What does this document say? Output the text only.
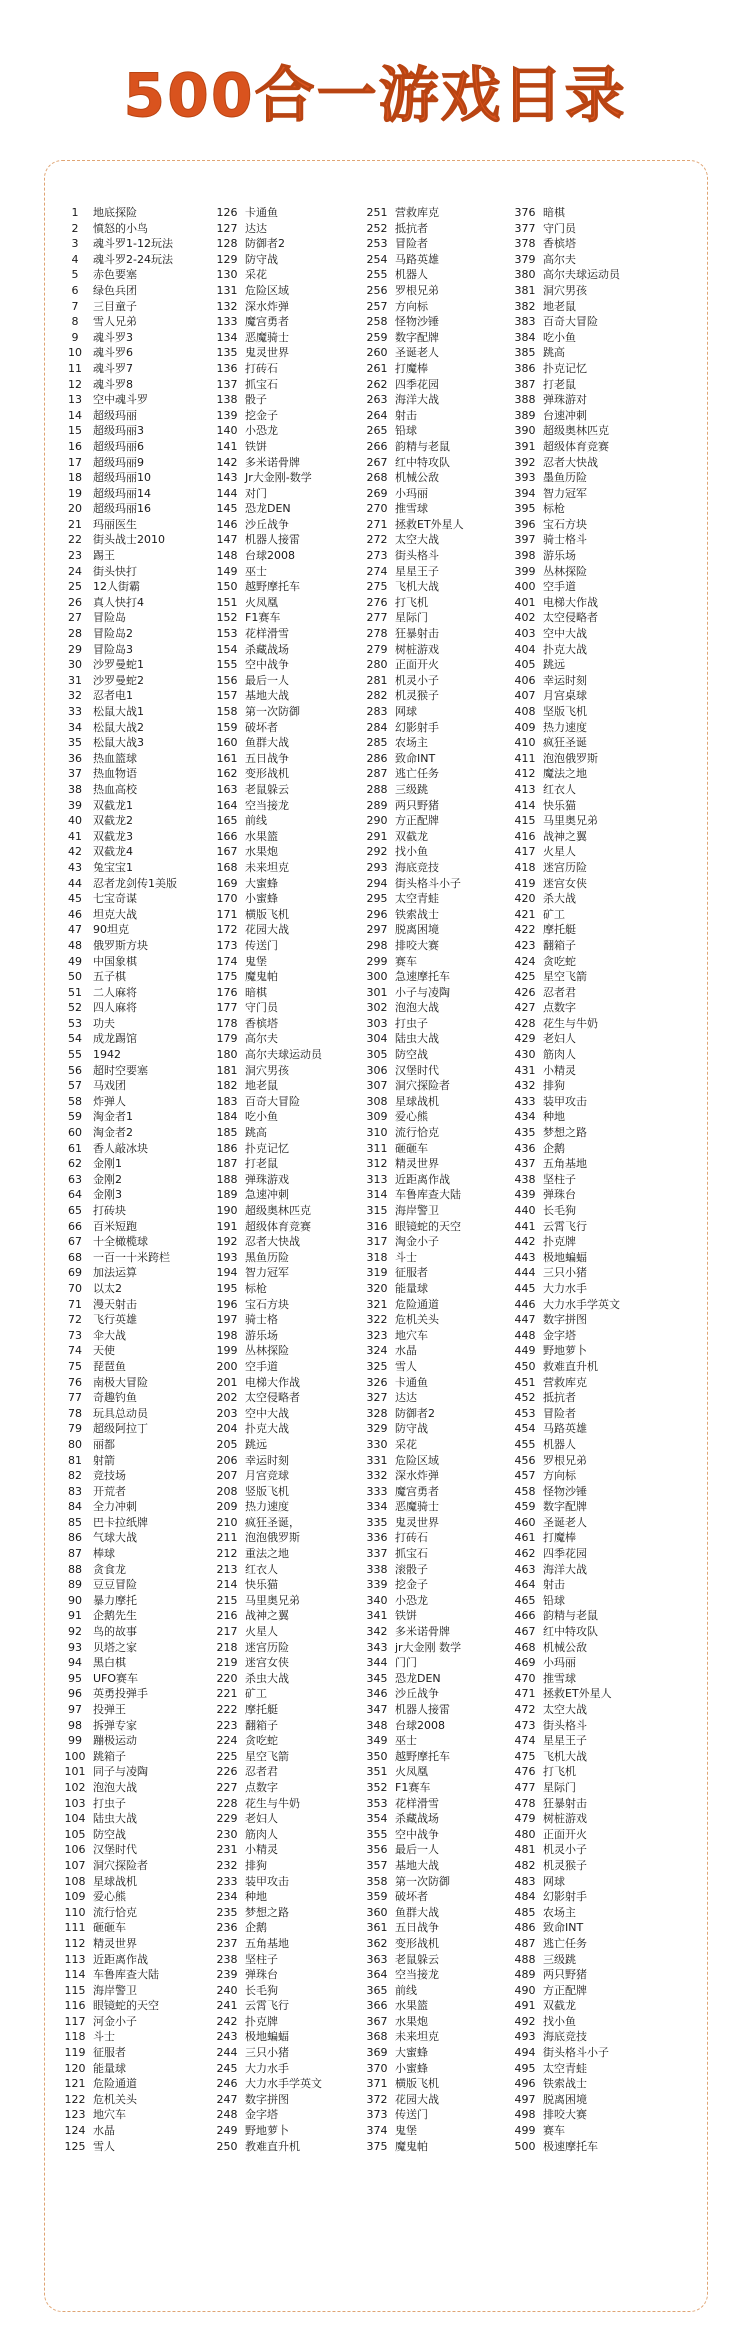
500合一游戏目录
1	地底探险
2	憤怒的小鸟
3	魂斗罗1-12玩法
4	魂斗罗2-24玩法
5	赤色要塞
6	绿色兵团
7	三目童子
8	雪人兄弟
9	魂斗罗3
10	魂斗罗6
11	魂斗罗7
12	魂斗罗8
13	空中魂斗罗
14	超级玛丽
15	超级玛丽3
16	超级玛丽6
17	超级玛丽9
18	超级玛丽10
19	超级玛丽14
20	超级玛丽16
21	玛丽医生
22	街头战士2010
23	踢王
24	街头快打
25	12人街霸
26	真人快打4
27	冒险岛
28	冒险岛2
29	冒险岛3
30	沙罗曼蛇1
31	沙罗曼蛇2
32	忍者电1
33	松鼠大战1
34	松鼠大战2
35	松鼠大战3
36	热血篮球
37	热血物语
38	热血高校
39	双截龙1
40	双截龙2
41	双截龙3
42	双截龙4
43	兔宝宝1
44	忍者龙剑传1美版
45	七宝奇谋
46	坦克大战
47	90坦克
48	俄罗斯方块
49	中国象棋
50	五子棋
51	二人麻将
52	四人麻将
53	功夫
54	成龙踢馆
55	1942
56	超时空要塞
57	马戏团
58	炸弹人
59	淘金者1
60	淘金者2
61	香人敲冰块
62	金刚1
63	金刚2
64	金刚3
65	打砖块
66	百米短跑
67	十全橄榄球
68	一百一十米跨栏
69	加法运算
70	以太2
71	漫天射击
72	飞行英雄
73	伞大战
74	天使
75	琵琶鱼
76	南极大冒险
77	奇趣钓鱼
78	玩具总动员
79	超级阿拉丁
80	丽都
81	射箭
82	竞技场
83	开荒者
84	全力冲刺
85	巴卡拉纸牌
86	气球大战
87	棒球
88	贪食龙
89	豆豆冒险
90	暴力摩托
91	企鹅先生
92	鸟的故事
93	贝塔之家
94	黑白棋
95	UFO赛车
96	英勇投弹手
97	投弹王
98	拆弹专家
99	蹦极运动
100 跳箱子
101 同子与凌陶
102 泡泡大战
103 打虫子
104 陆虫大战
105 防空战
106 汉堡时代
107 洞穴探险者
108 星球战机
109 爱心熊
110 流行恰克
111 砸砸车
112 精灵世界
113 近距离作战
114 车鲁库查大陆
115 海岸警卫
116 眼镜蛇的天空
117 河金小子
118 斗士
119 征服者
120 能量球
121 危险通道
122 危机关头
123 地穴车
124 水晶
125 雪人
126 卡通鱼
127 达达
128 防御者2
129 防守战
130 采花
131 危险区域
132 深水炸弹
133 魔宫勇者
134 恶魔骑士
135 鬼灵世界
136 打砖石
137 抓宝石
138 骰子
139 挖金子
140 小恐龙
141 铁饼
142 多米诺骨牌
143 Jr大金刚-数学
144 对门
145 恐龙DEN
146 沙丘战争
147 机器人接雷
148 台球2008
149 巫士
150 越野摩托车
151 火凤凰
152 F1赛车
153 花样滑雪
154 杀藏战场
155 空中战争
156 最后一人
157 基地大战
158 第一次防御
159 破坏者
160 鱼群大战
161 五日战争
162 变形战机
163 老鼠躲云
164 空当接龙
165 前线
166 水果篮
167 水果炮
168 未来坦克
169 大蜜蜂
170 小蜜蜂
171 横版飞机
172 花园大战
173 传送门
174 鬼堡
175 魔鬼帕
176 暗棋
177 守门员
178 香槟塔
179 高尔夫
180 高尔夫球运动员
181 洞穴男孩
182 地老鼠
183 百奇大冒险
184 吃小鱼
185 跳高
186 扑克记忆
187 打老鼠
188 弹珠游戏
189 急速冲刺
190 超级奥林匹克
191 超级体育竞赛
192 忍者大快战
193 黑鱼历险
194 智力冠军
195 标枪
196 宝石方块
197 骑士格
198 游乐场
199 丛林探险
200 空手道
201 电梯大作战
202 太空侵略者
203 空中大战
204 扑克大战
205 跳远
206 幸运时刻
207 月宫竞球
208 竖版飞机
209 热力速度
210 疯狂圣诞，
211 泡泡俄罗斯
212 重法之地
213 红衣人
214 快乐猫
215 马里奥兄弟
216 战神之翼
217 火星人
218 迷宫历险
219 迷宫女侠
220 杀虫大战
221 矿工
222 摩托艇
223 翻箱子
224 贪吃蛇
225 星空飞箭
226 忍者君
227 点数字
228 花生与牛奶
229 老妇人
230 筋肉人
231 小精灵
232 排狗
233 装甲攻击
234 种地
235 梦想之路
236 企鹅
237 五角基地
238 坚柱子
239 弹珠台
240 长毛狗
241 云霄飞行
242 扑克牌
243 极地蝙蝠
244 三只小猪
245 大力水手
246 大力水手学英文
247 数字拼图
248 金字塔
249 野地萝卜
250 教难直升机
251 营救库克
252 抵抗者
253 冒险者
254 马路英雄
255 机器人
256 罗根兄弟
257 方向标
258 怪物沙锤
259 数字配牌
260 圣诞老人
261 打魔棒
262 四季花园
263 海洋大战
264 射击
265 铅球
266 韵精与老鼠
267 红中特攻队
268 机械公敌
269 小玛丽
270 推雪球
271 拯救ET外星人
272 太空大战
273 街头格斗
274 星星王子
275 飞机大战
276 打飞机
277 星际门
278 狂暴射击
279 树桩游戏
280 正面开火
281 机灵小子
282 机灵猴子
283 网球
284 幻影射手
285 农场主
286 致命INT
287 逃亡任务
288 三级跳
289 两只野猪
290 方正配牌
291 双截龙
292 找小鱼
293 海底竞技
294 街头格斗小子
295 太空青蛙
296 铁索战士
297 脱离困境
298 排咬大赛
299 赛车
300 急速摩托车
301 小子与凌陶
302 泡泡大战
303 打虫子
304 陆虫大战
305 防空战
306 汉堡时代
307 洞穴探险者
308 星球战机
309 爱心熊
310 流行恰克
311 砸砸车
312 精灵世界
313 近距离作战
314 车鲁库查大陆
315 海岸警卫
316 眼镜蛇的天空
317 淘金小子
318 斗士
319 征服者
320 能量球
321 危险通道
322 危机关头
323 地穴车
324 水晶
325 雪人
326 卡通鱼
327 达达
328 防御者2
329 防守战
330 采花
331 危险区域
332 深水炸弹
333 魔宫勇者
334 恶魔骑士
335 鬼灵世界
336 打砖石
337 抓宝石
338 滚骰子
339 挖金子
340 小恐龙
341 铁饼
342 多米诺骨牌
343 jr大金刚 数学
344 门门
345 恐龙DEN
346 沙丘战争
347 机器人接雷
348 台球2008
349 巫士
350 越野摩托车
351 火凤凰
352 F1赛车
353 花样滑雪
354 杀藏战场
355 空中战争
356 最后一人
357 基地大战
358 第一次防御
359 破坏者
360 鱼群大战
361 五日战争
362 变形战机
363 老鼠躲云
364 空当接龙
365 前线
366 水果篮
367 水果炮
368 未来坦克
369 大蜜蜂
370 小蜜蜂
371 横版飞机
372 花园大战
373 传送门
374 鬼堡
375 魔鬼帕
376 暗棋
377 守门员
378 香槟塔
379 高尔夫
380 高尔夫球运动员
381 洞穴男孩
382 地老鼠
383 百奇大冒险
384 吃小鱼
385 跳高
386 扑克记忆
387 打老鼠
388 弹珠游对
389 台速冲刺
390 超级奥林匹克
391 超级体育竞赛
392 忍者大快战
393 墨鱼历险
394 智力冠军
395 标枪
396 宝石方块
397 骑士格斗
398 游乐场
399 丛林探险
400 空手道
401 电梯大作战
402 太空侵略者
403 空中大战
404 扑克大战
405 跳远
406 幸运时刻
407 月宫桌球
408 坚版飞机
409 热力速度
410 疯狂圣诞
411 泡泡俄罗斯
412 魔法之地
413 红衣人
414 快乐猫
415 马里奥兄弟
416 战神之翼
417 火星人
418 迷宫历险
419 迷宫女侠
420 杀大战
421 矿工
422 摩托艇
423 翻箱子
424 贪吃蛇
425 星空飞箭
426 忍者君
427 点数字
428 花生与牛奶
429 老妇人
430 筋肉人
431 小精灵
432 排狗
433 装甲攻击
434 种地
435 梦想之路
436 企鹅
437 五角基地
438 坚柱子
439 弹珠台
440 长毛狗
441 云霄飞行
442 扑克牌
443 极地蝙蝠
444 三只小猪
445 大力水手
446 大力水手学英文
447 数字拼图
448 金字塔
449 野地萝卜
450 救难直升机
451 营救库克
452 抵抗者
453 冒险者
454 马路英雄
455 机器人
456 罗根兄弟
457 方向标
458 怪物沙锤
459 数字配牌
460 圣诞老人
461 打魔棒
462 四季花园
463 海洋大战
464 射击
465 铅球
466 韵精与老鼠
467 红中特攻队
468 机械公敌
469 小玛丽
470 推雪球
471 拯救ET外星人
472 太空大战
473 街头格斗
474 星星王子
475 飞机大战
476 打飞机
477 星际门
478 狂暴射击
479 树桩游戏
480 正面开火
481 机灵小子
482 机灵猴子
483 网球
484 幻影射手
485 农场主
486 致命INT
487 逃亡任务
488 三级跳
489 两只野猪
490 方正配牌
491 双截龙
492 找小鱼
493 海底竞技
494 街头格斗小子
495 太空青蛙
496 铁索战士
497 脱离困境
498 排咬大赛
499 赛车
500 极速摩托车
